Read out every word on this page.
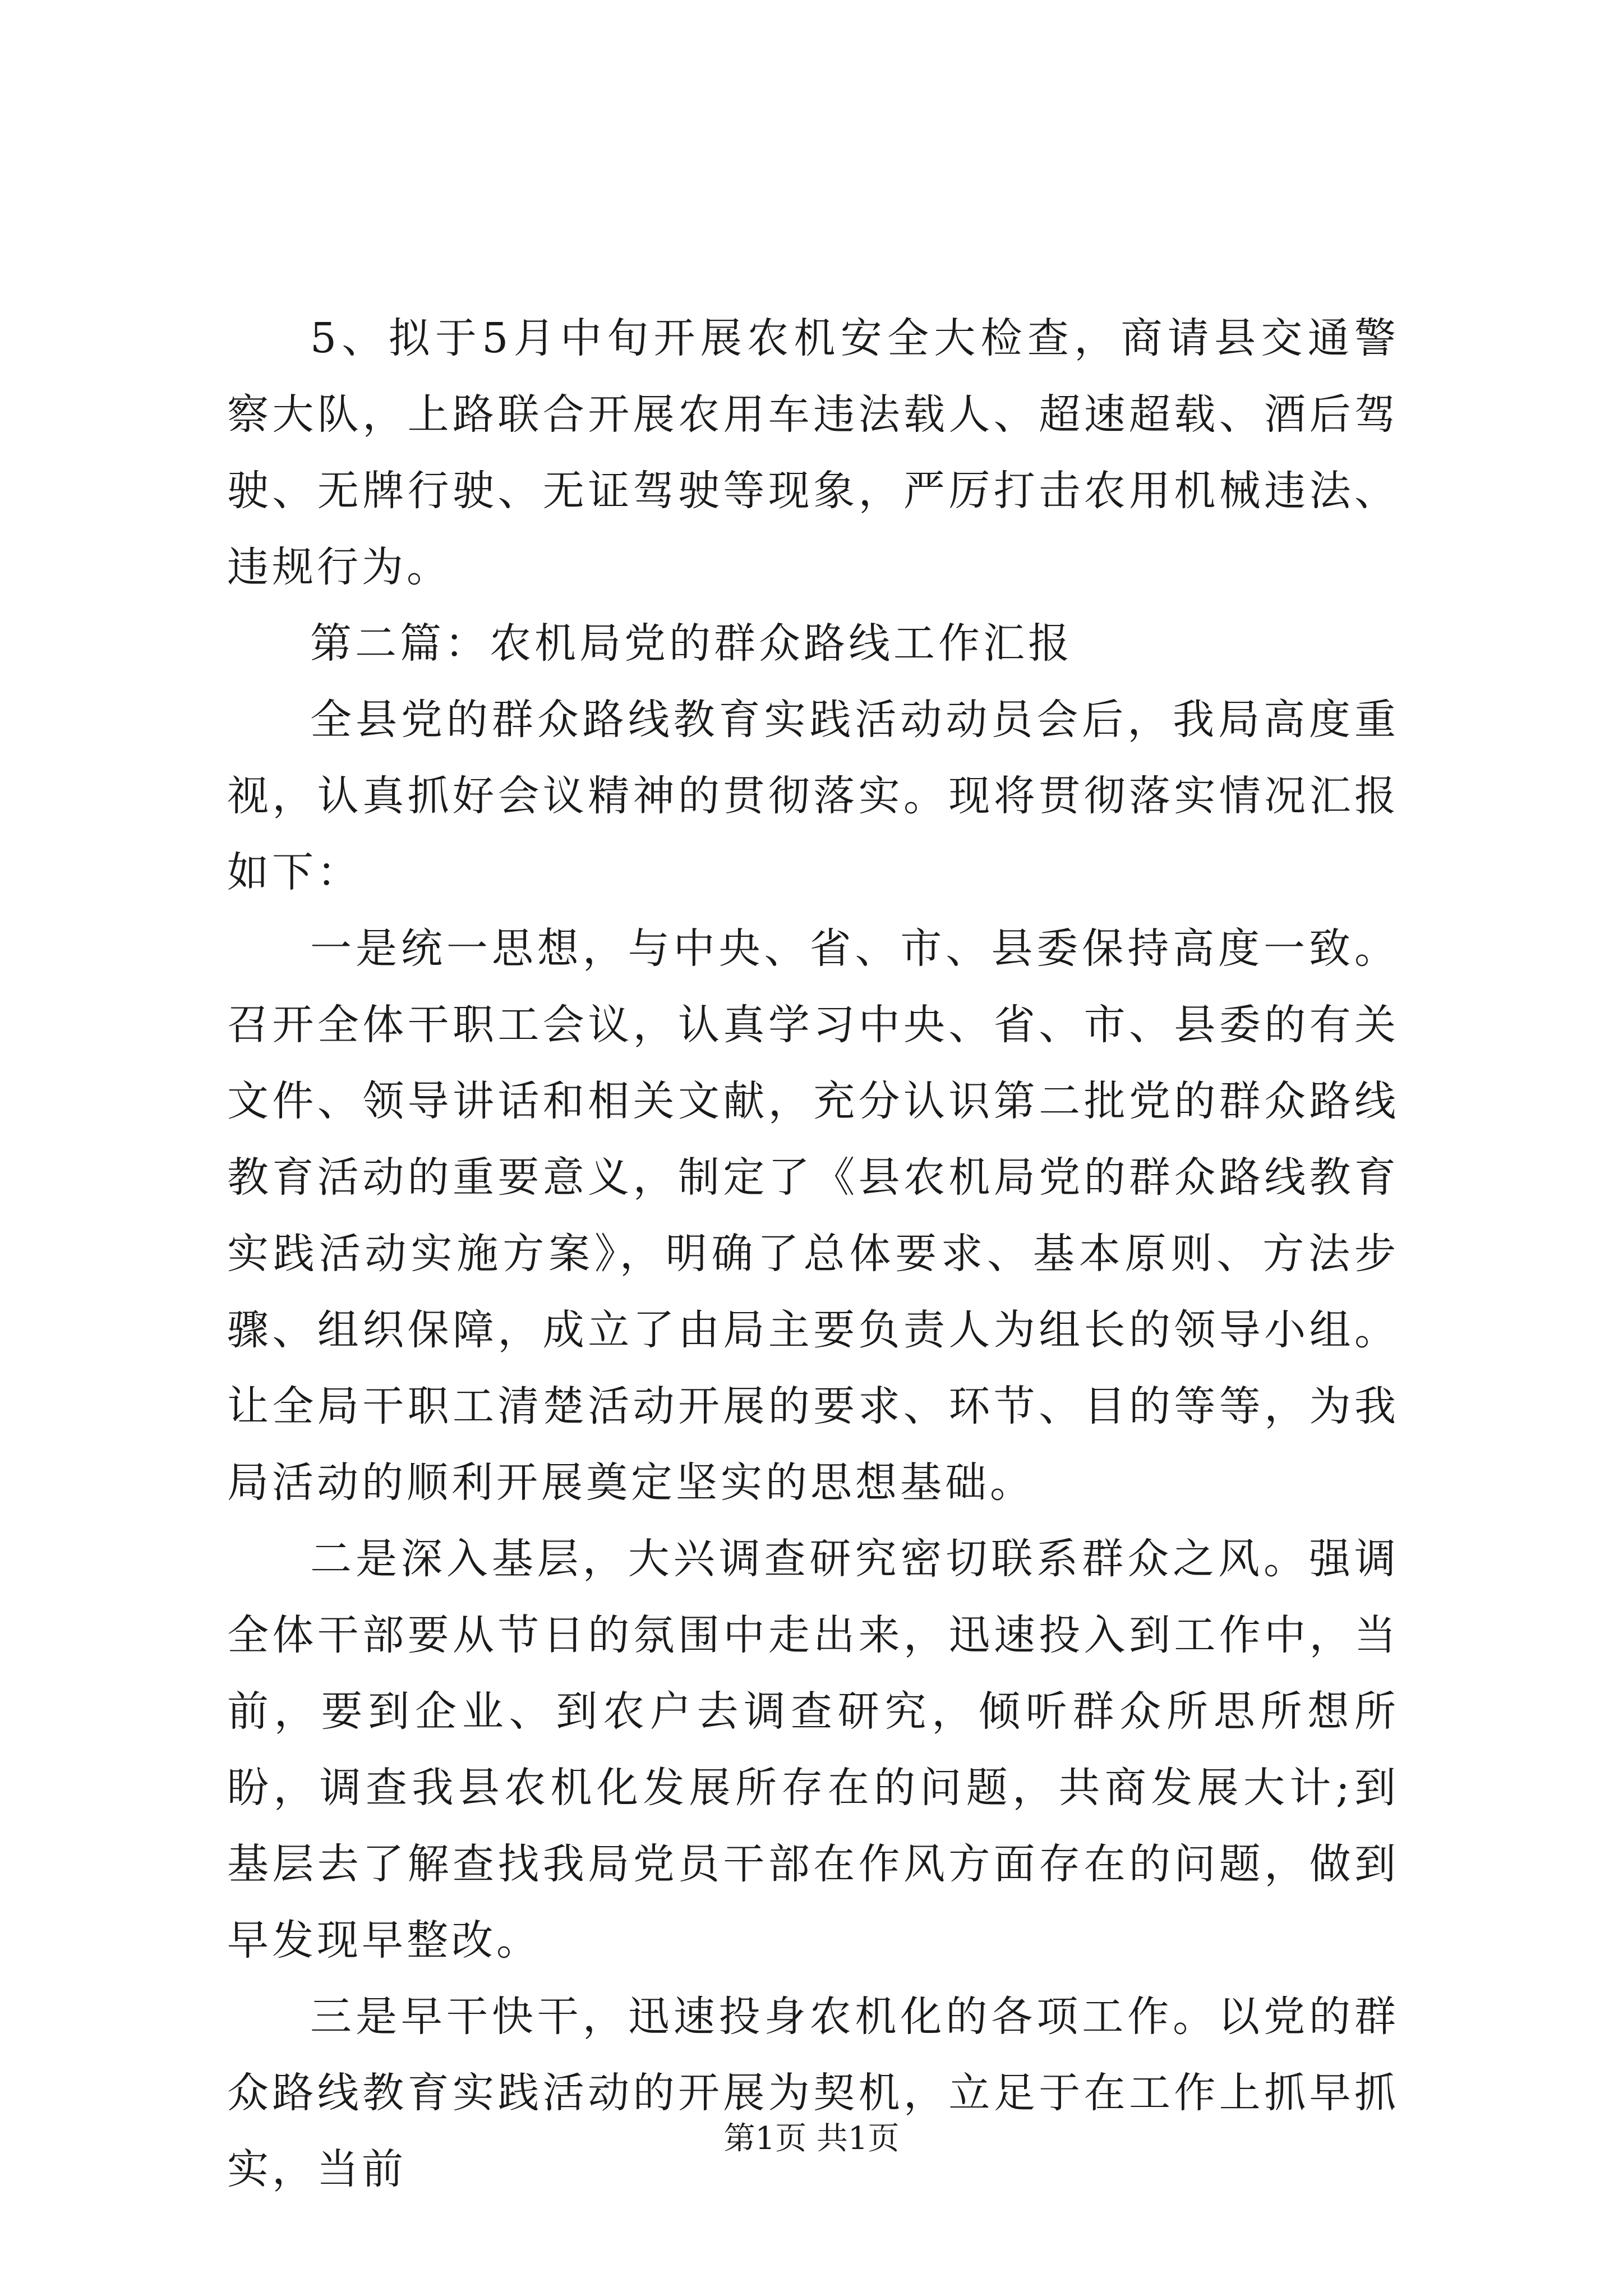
5、拟于5月中旬开展农机安全大检查，商请县交通警察大队，上路联合开展农用车违法载人、超速超载、酒后驾驶、无牌行驶、无证驾驶等现象，严厉打击农用机械违法、违规行为。

第二篇：农机局党的群众路线工作汇报

全县党的群众路线教育实践活动动员会后，我局高度重视，认真抓好会议精神的贯彻落实。现将贯彻落实情况汇报如下：

一是统一思想，与中央、省、市、县委保持高度一致。召开全体干职工会议，认真学习中央、省、市、县委的有关文件、领导讲话和相关文献，充分认识第二批党的群众路线教育活动的重要意义，制定了《县农机局党的群众路线教育实践活动实施方案》，明确了总体要求、基本原则、方法步骤、组织保障，成立了由局主要负责人为组长的领导小组。让全局干职工清楚活动开展的要求、环节、目的等等，为我局活动的顺利开展奠定坚实的思想基础。

二是深入基层，大兴调查研究密切联系群众之风。强调全体干部要从节日的氛围中走出来，迅速投入到工作中，当前，要到企业、到农户去调查研究，倾听群众所思所想所盼，调查我县农机化发展所存在的问题，共商发展大计;到基层去了解查找我局党员干部在作风方面存在的问题，做到早发现早整改。

三是早干快干，迅速投身农机化的各项工作。以党的群众路线教育实践活动的开展为契机，立足于在工作上抓早抓实，当前

第1页 共1页
